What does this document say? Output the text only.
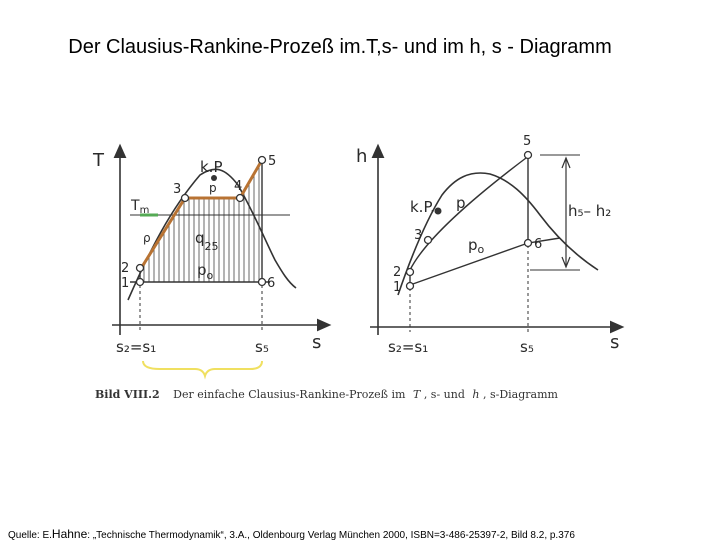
Der Clausius-Rankine-Prozeß im.T,s- und im h, s - Diagramm
T
s
1
2
3	4
5
6
k.P
p
$T_m$
$q_{25}$
$p_o$
ρ
s₂=s₁	s₅
h
s
1
2
3
5
6
k.P. p
$p_o$
h₅– h₂
s₂=s₁	s₅
Bild VIII.2 Der einfache Clausius-Rankine-Prozeß im T , s- und h , s-Diagramm
Quelle: E.Hahne: „Technische Thermodynamik“, 3.A., Oldenbourg Verlag München 2000, ISBN=3-486-25397-2, Bild 8.2, p.376
